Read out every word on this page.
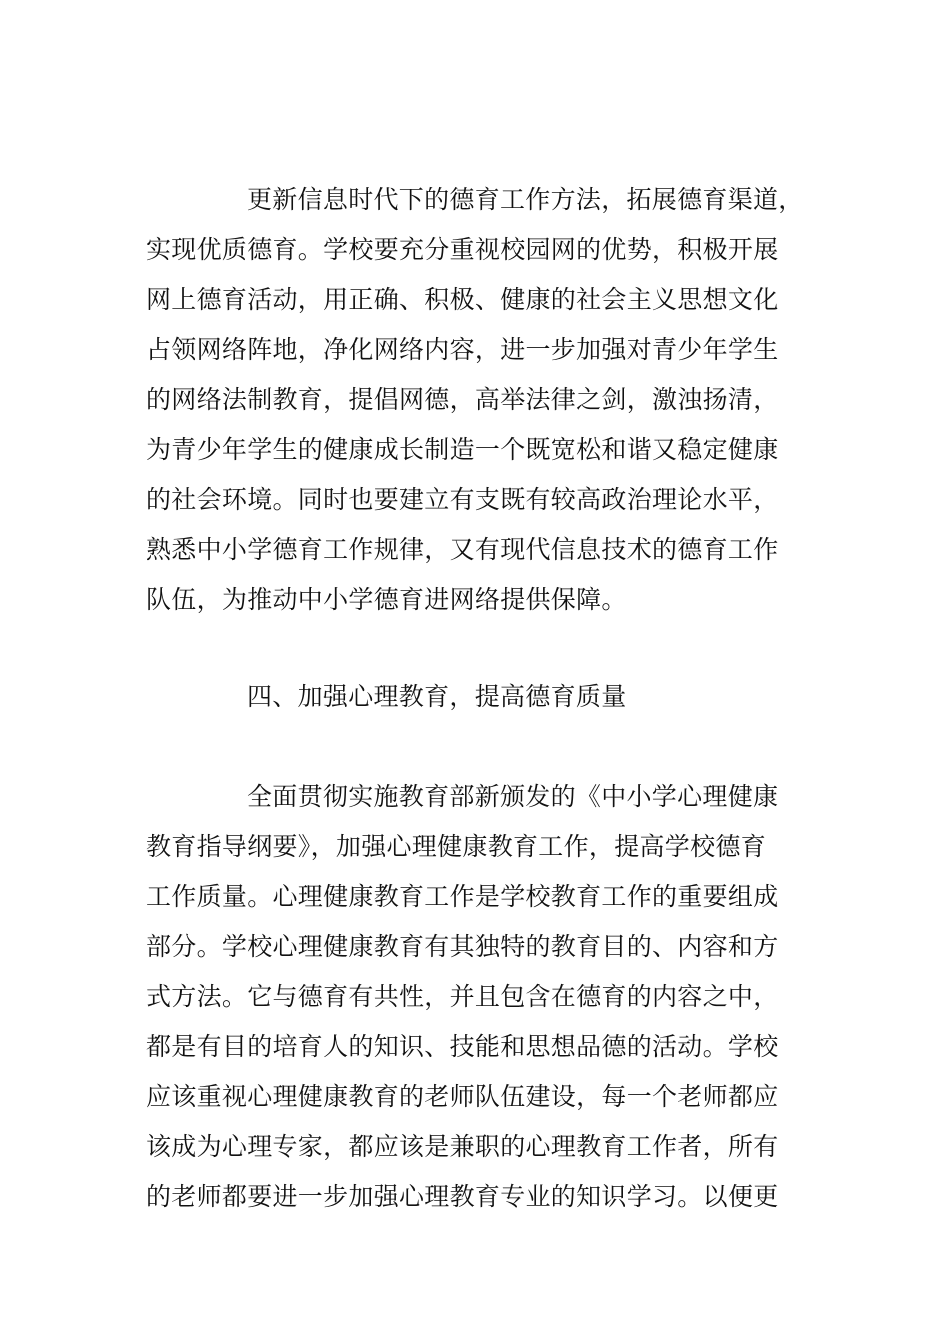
更新信息时代下的德育工作方法，拓展德育渠道，
实现优质德育。学校要充分重视校园网的优势，积极开展
网上德育活动，用正确、积极、健康的社会主义思想文化
占领网络阵地，净化网络内容，进一步加强对青少年学生
的网络法制教育，提倡网德，高举法律之剑，激浊扬清，
为青少年学生的健康成长制造一个既宽松和谐又稳定健康
的社会环境。同时也要建立有支既有较高政治理论水平，
熟悉中小学德育工作规律，又有现代信息技术的德育工作
队伍，为推动中小学德育进网络提供保障。
四、加强心理教育，提高德育质量
全面贯彻实施教育部新颁发的《中小学心理健康
教育指导纲要》，加强心理健康教育工作，提高学校德育
工作质量。心理健康教育工作是学校教育工作的重要组成
部分。学校心理健康教育有其独特的教育目的、内容和方
式方法。它与德育有共性，并且包含在德育的内容之中，
都是有目的培育人的知识、技能和思想品德的活动。学校
应该重视心理健康教育的老师队伍建设，每一个老师都应
该成为心理专家，都应该是兼职的心理教育工作者，所有
的老师都要进一步加强心理教育专业的知识学习。以便更
